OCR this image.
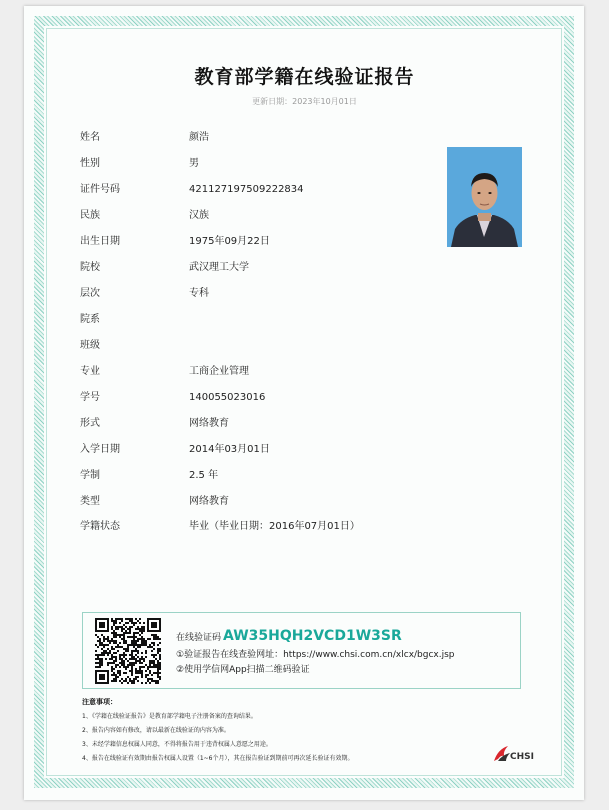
教育部学籍在线验证报告
更新日期：2023年10月01日
姓名	颜浩
性别	男
证件号码	421127197509222834
民族	汉族
出生日期	1975年09月22日
院校	武汉理工大学
层次	专科
院系
班级
专业	工商企业管理
学号	140055023016
形式	网络教育
入学日期	2014年03月01日
学制	2.5 年
类型	网络教育
学籍状态	毕业（毕业日期：2016年07月01日）
在线验证码 AW35HQH2VCD1W3SR
①验证报告在线查验网址：https://www.chsi.com.cn/xlcx/bgcx.jsp
②使用学信网App扫描二维码验证
注意事项：
1、《学籍在线验证报告》是教育部学籍电子注册备案的查询结果。
2、报告内容如有修改，请以最新在线验证的内容为准。
3、未经学籍信息权属人同意，不得将报告用于违背权属人意愿之用途。
4、报告在线验证有效期由报告权属人设置（1~6个月），其在报告验证到期前可再次延长验证有效期。	CHSI
